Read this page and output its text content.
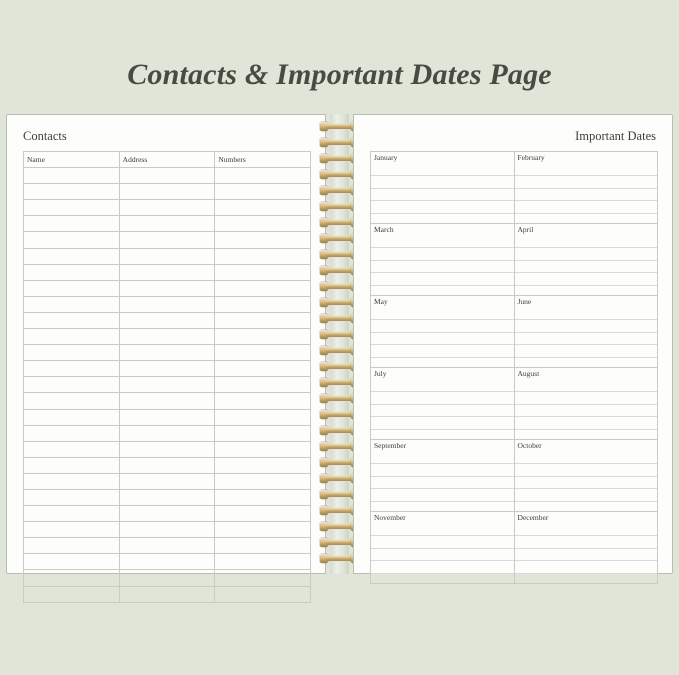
Contacts & Important Dates Page
Contacts
Name	Address	Numbers

Important Dates
January	February

March	April

May	June

July	August

September	October

November	December
